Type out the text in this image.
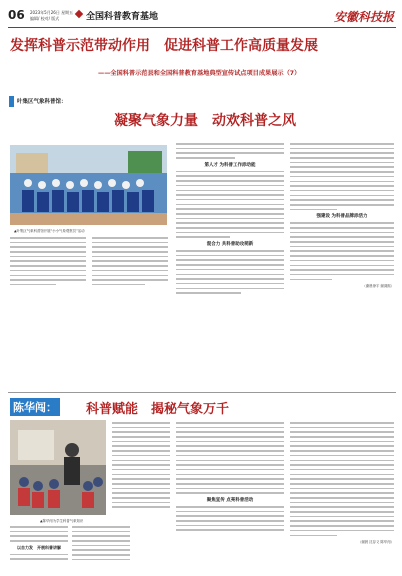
06 2023年5月26日 星期五
编辑/ 校对/ 版式	全国科普教育基地	安徽科技报
发挥科普示范带动作用　促进科普工作高质量发展
——全国科普示范县和全国科普教育基地典型宣传试点项目成果展示（7）
叶集区气象科普馆：
凝聚气象力量　动欢科普之风
▲叶集区气象科普馆开展“小小气象观察员”活动
第人才 为科普工作添动能
混合力 共科普助攻萌新
强建设 为科普品牌添活力
（谢晨徐宇 谢浏熙）
陈华闯： 科普赋能　揭秘气象万千
▲陈华闯为学生科普气象知识
以自力发　开展科普讲解
聚焦宣传 点亮科普活动
（谢晨 沈存义 陈华闯）
